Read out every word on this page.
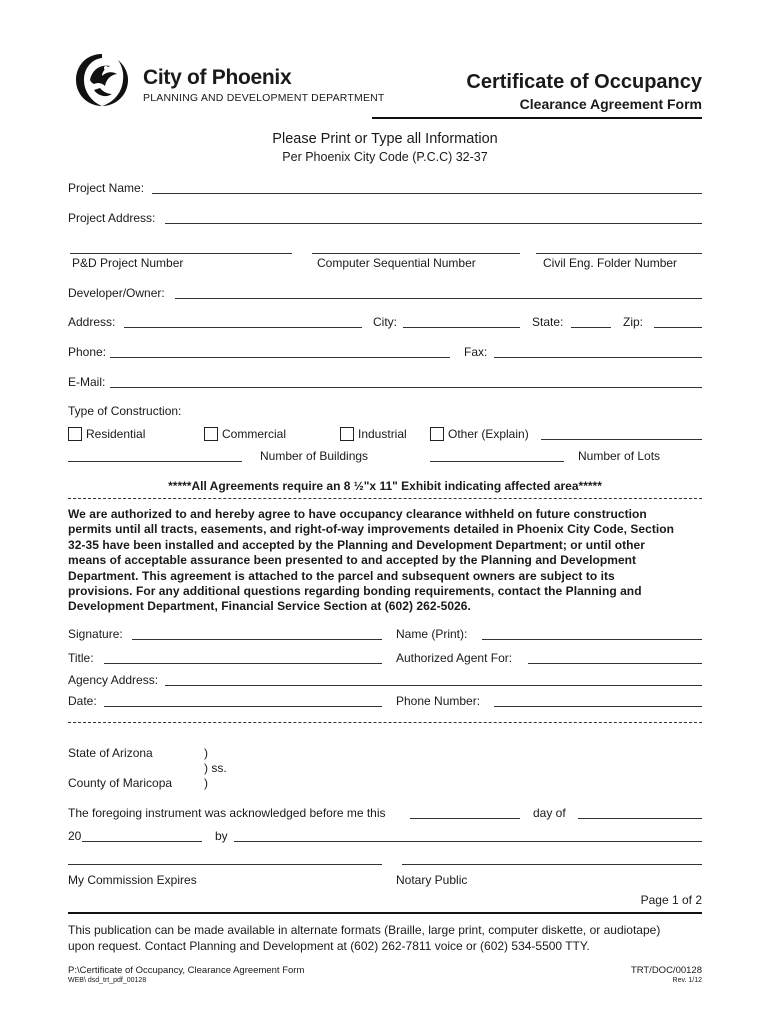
City of Phoenix
PLANNING AND DEVELOPMENT DEPARTMENT
Certificate of Occupancy
Clearance Agreement Form
Please Print or Type all Information
Per Phoenix City Code (P.C.C) 32-37
Project Name:
Project Address:
P&D Project Number	Computer Sequential Number	Civil Eng. Folder Number
Developer/Owner:
Address:	City:	State:	Zip:
Phone:	Fax:
E-Mail:
Type of Construction:
Residential	Commercial	Industrial	Other (Explain)
Number of Buildings	Number of Lots
*****All Agreements require an 8 ½"x 11" Exhibit indicating affected area*****
We are authorized to and hereby agree to have occupancy clearance withheld on future construction
permits until all tracts, easements, and right-of-way improvements detailed in Phoenix City Code, Section
32-35 have been installed and accepted by the Planning and Development Department; or until other
means of acceptable assurance been presented to and accepted by the Planning and Development
Department. This agreement is attached to the parcel and subsequent owners are subject to its
provisions. For any additional questions regarding bonding requirements, contact the Planning and
Development Department, Financial Service Section at (602) 262-5026.
Signature:	Name (Print):
Title:	Authorized Agent For:
Agency Address:
Date:	Phone Number:
State of Arizona	)
) ss.
County of Maricopa	)
The foregoing instrument was acknowledged before me this	day of
20	by
My Commission Expires	Notary Public
Page 1 of 2
This publication can be made available in alternate formats (Braille, large print, computer diskette, or audiotape)
upon request. Contact Planning and Development at (602) 262-7811 voice or (602) 534-5500 TTY.
P:\Certificate of Occupancy, Clearance Agreement Form
WEB\ dsd_trt_pdf_00128
TRT/DOC/00128
Rev. 1/12
